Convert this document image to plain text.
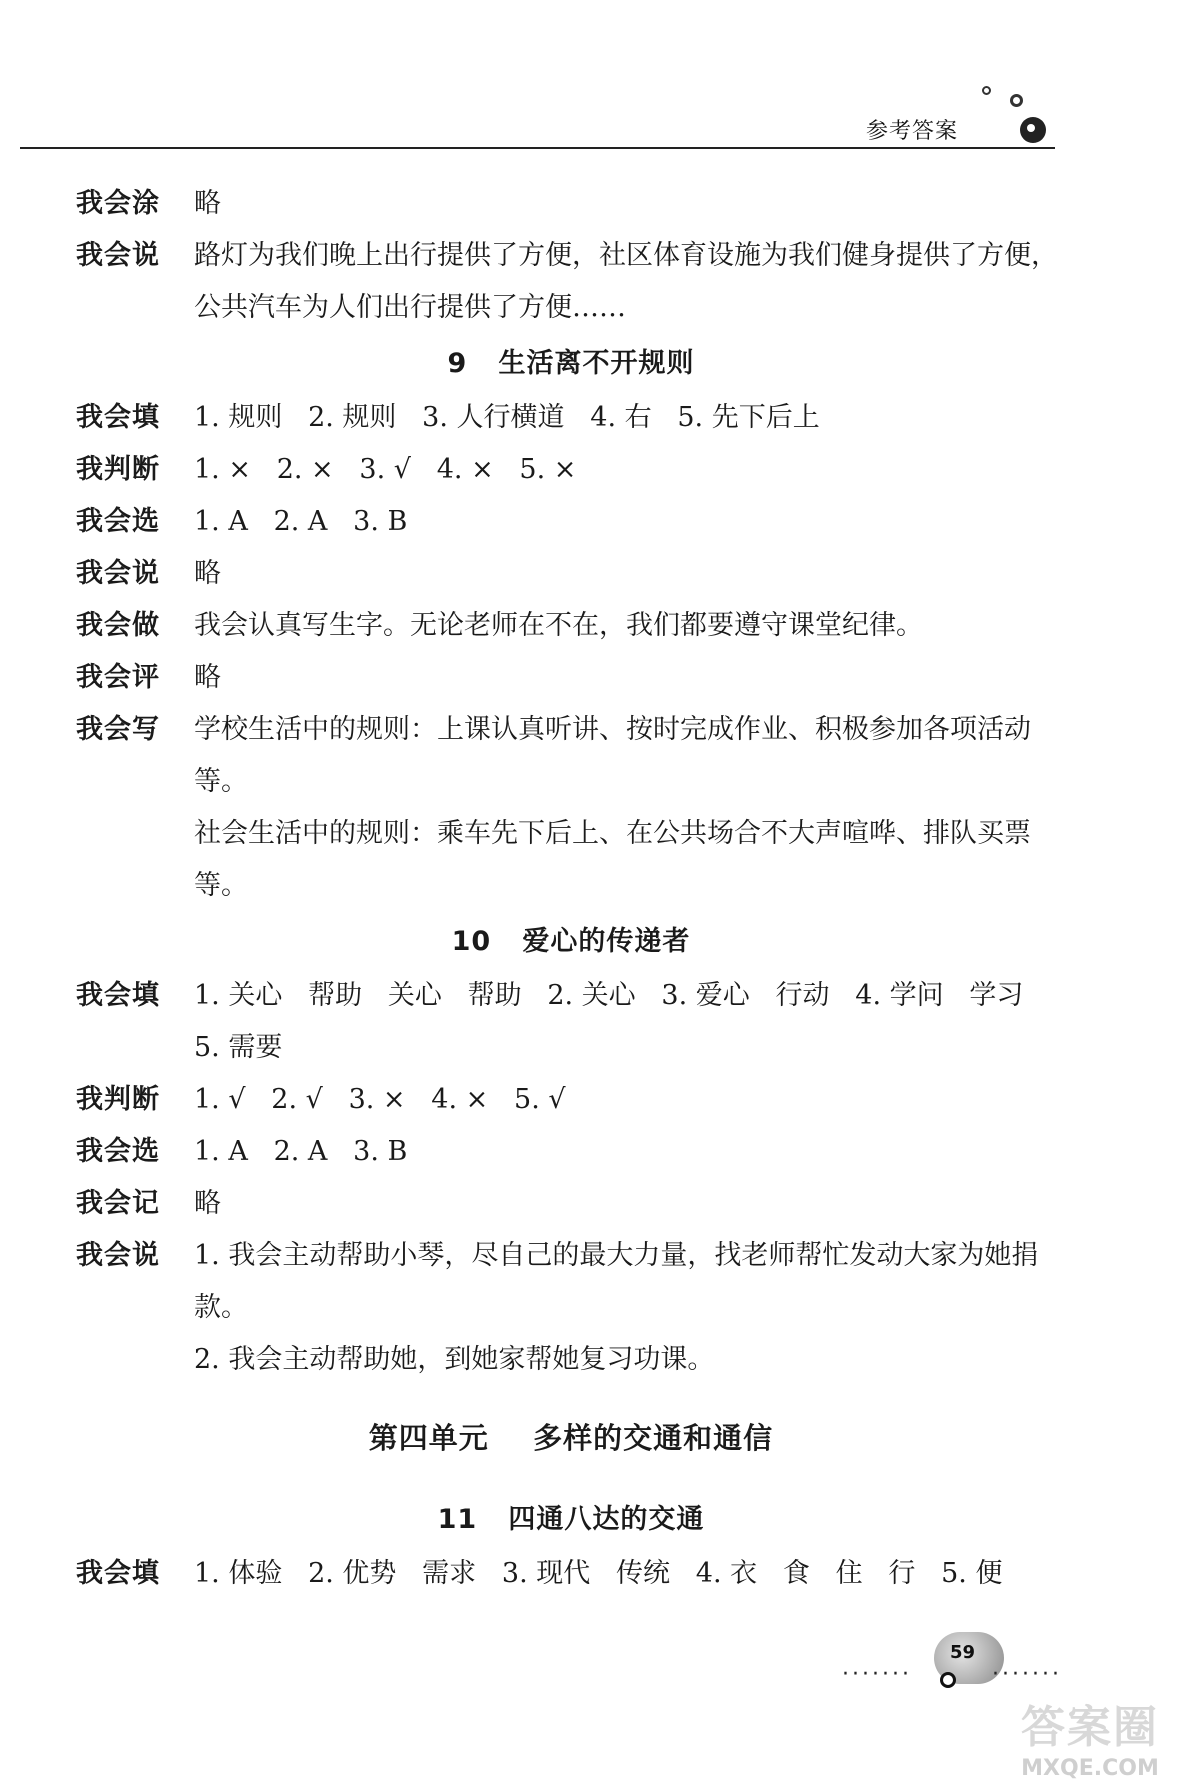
参考答案
我会涂	略
我会说	路灯为我们晚上出行提供了方便，社区体育设施为我们健身提供了方便，公共汽车为人们出行提供了方便……
9   生活离不开规则
我会填	1. 规则   2. 规则   3. 人行横道   4. 右   5. 先下后上
我判断	1. ×   2. ×   3. √   4. ×   5. ×
我会选	1. A   2. A   3. B
我会说	略
我会做	我会认真写生字。无论老师在不在，我们都要遵守课堂纪律。
我会评	略
我会写	学校生活中的规则：上课认真听讲、按时完成作业、积极参加各项活动等。
社会生活中的规则：乘车先下后上、在公共场合不大声喧哗、排队买票等。
10   爱心的传递者
我会填	1. 关心   帮助   关心   帮助   2. 关心   3. 爱心   行动   4. 学问   学习   5. 需要
我判断	1. √   2. √   3. ×   4. ×   5. √
我会选	1. A   2. A   3. B
我会记	略
我会说	1. 我会主动帮助小琴，尽自己的最大力量，找老师帮忙发动大家为她捐款。
2. 我会主动帮助她，到她家帮她复习功课。
第四单元    多样的交通和通信
11   四通八达的交通
我会填	1. 体验   2. 优势   需求   3. 现代   传统   4. 衣   食   住   行   5. 便
·······
59
·······
答案圈
MXQE.COM
